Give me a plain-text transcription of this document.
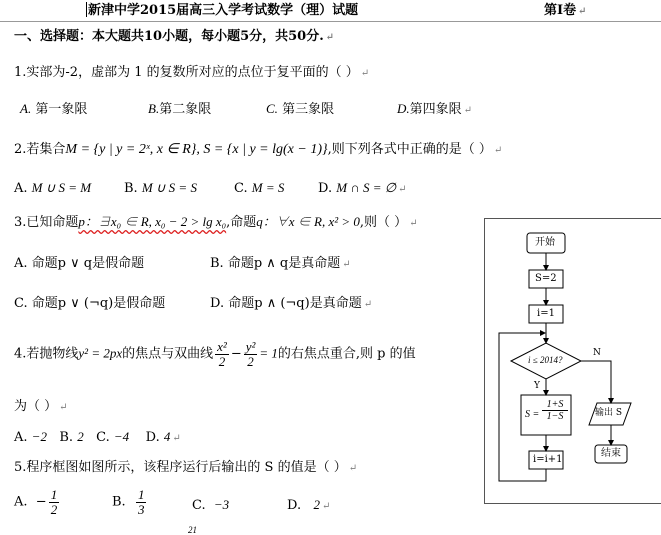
新津中学2015届高三入学考试数学（理）试题	第Ⅰ卷 ↵
一、选择题：本大题共10小题，每小题5分，共50分. ↵
1.实部为-2，虚部为 1 的复数所对应的点位于复平面的（ ） ↵
A. 第一象限	B.第二象限	C. 第三象限	D.第四象限 ↵
2.若集合M = {y | y = 2ˣ, x ∈ R}, S = {x | y = lg(x − 1)},则下列各式中正确的是（ ） ↵
A. M ∪ S = M	B. M ∪ S = S	C. M = S	D. M ∩ S = ∅ ↵
3.已知命题p：∃x₀ ∈ R, x₀ − 2 > lg x₀,命题q：∀x ∈ R, x² > 0,则（ ） ↵
A. 命题p ∨ q是假命题	B. 命题p ∧ q是真命题 ↵
C. 命题p ∨ (¬q)是假命题	D. 命题p ∧ (¬q)是真命题 ↵
4.若抛物线y² = 2px的焦点与双曲线 $\frac{\text{x²}}{2} - \frac{\text{y²}}{2} = 1$的右焦点重合,则 p 的值
为（ ） ↵
A. −2 B. 2 C. −4 D. 4 ↵
5.程序框图如图所示，该程序运行后输出的 S 的值是（ ） ↵
A. − $\frac{1}{2}$	B. $\frac{1}{3}$	C. −3	D. 2 ↵
21
开始
S=2
i=1
i ≤ 2014?
N
Y
$S = \frac{1+S}{1-S}$
i=i+1
输出 S
结束
